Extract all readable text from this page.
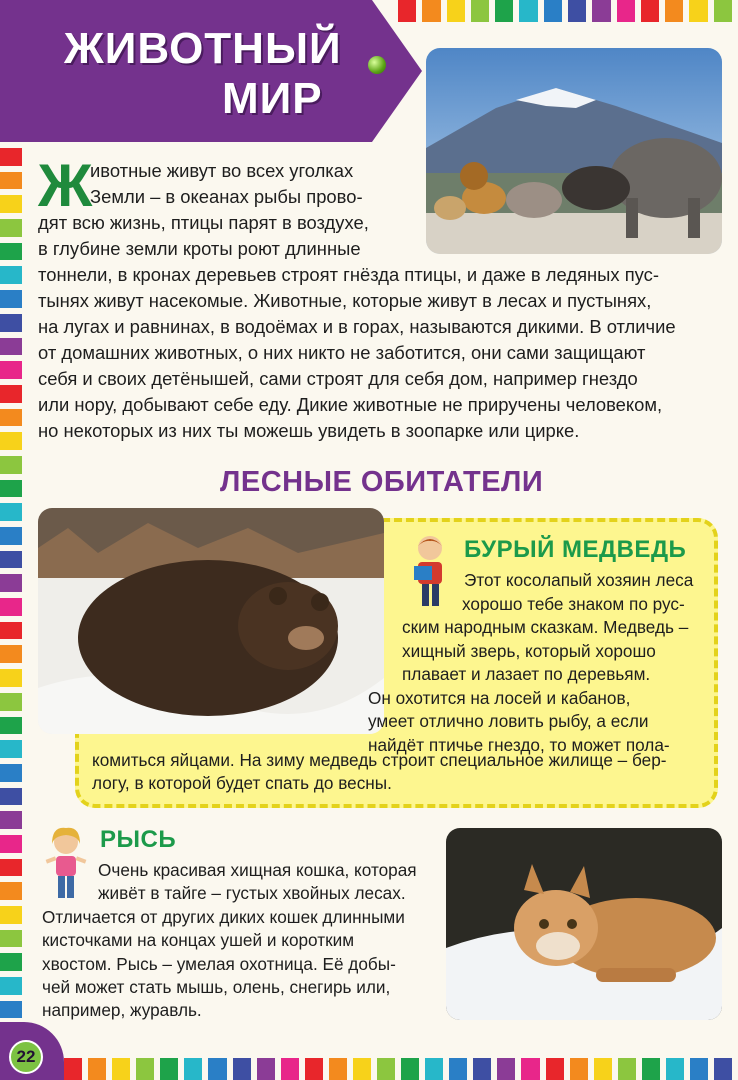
ЖИВОТНЫЙ
МИР
Ж
ивотные живут во всех уголках
Земли – в океанах рыбы прово-
дят всю жизнь, птицы парят в воздухе,
в глубине земли кроты роют длинные
тоннели, в кронах деревьев строят гнёзда птицы, и даже в ледяных пус-
тынях живут насекомые. Животные, которые живут в лесах и пустынях,
на лугах и равнинах, в водоёмах и в горах, называются дикими. В отличие
от домашних животных, о них никто не заботится, они сами защищают
себя и своих детёнышей, сами строят для себя дом, например гнездо
или нору, добывают себе еду. Дикие животные не приручены человеком,
но некоторых из них ты можешь увидеть в зоопарке или цирке.
ЛЕСНЫЕ ОБИТАТЕЛИ
БУРЫЙ МЕДВЕДЬ
Этот косолапый хозяин леса
хорошо тебе знаком по рус-
ским народным сказкам. Медведь –
хищный зверь, который хорошо
плавает и лазает по деревьям.
Он охотится на лосей и кабанов,
умеет отлично ловить рыбу, а если
найдёт птичье гнездо, то может пола-
комиться яйцами. На зиму медведь строит специальное жилище – бер-
логу, в которой будет спать до весны.
РЫСЬ
Очень красивая хищная кошка, которая
живёт в тайге – густых хвойных лесах.
Отличается от других диких кошек длинными
кисточками на концах ушей и коротким
хвостом. Рысь – умелая охотница. Её добы-
чей может стать мышь, олень, снегирь или,
например, журавль.
22
